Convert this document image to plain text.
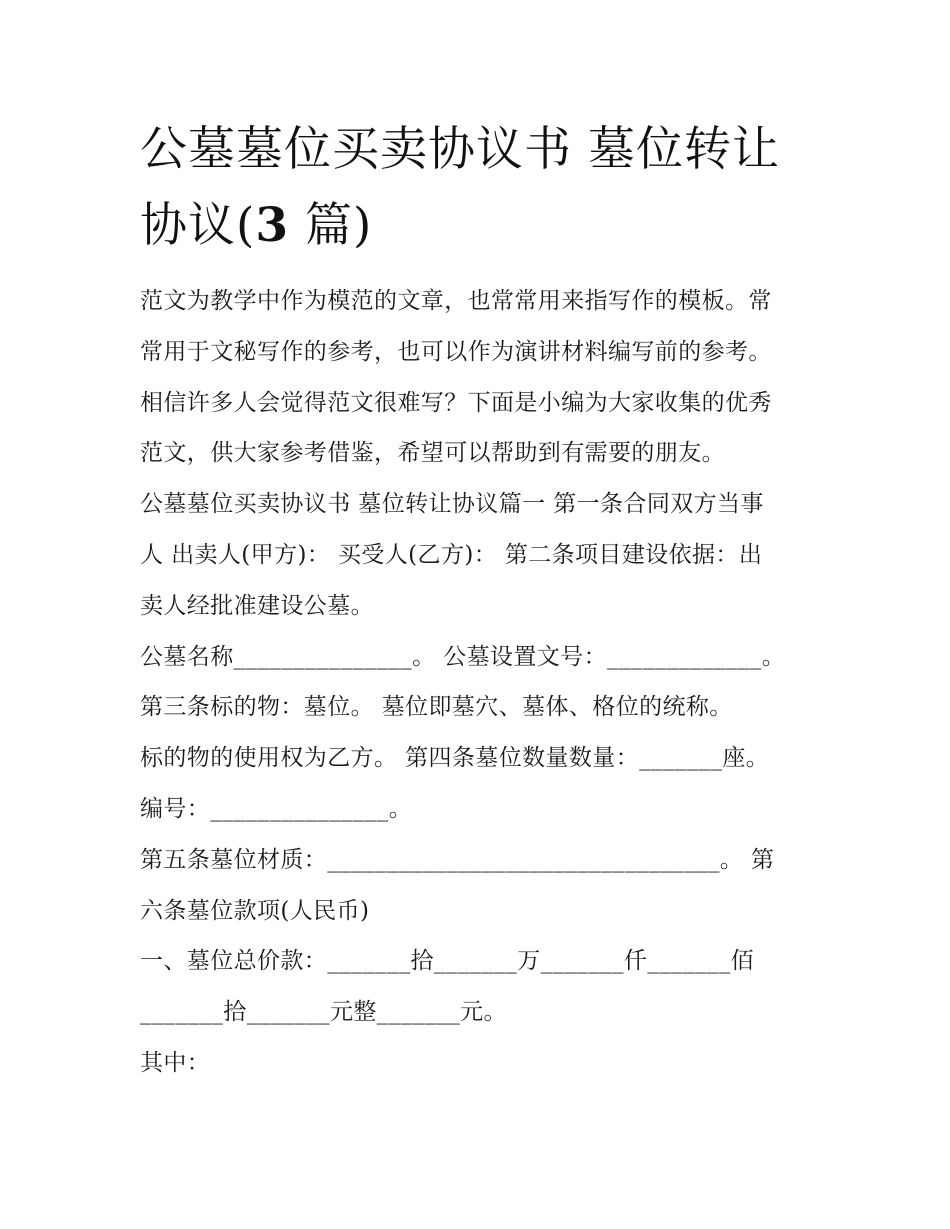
公墓墓位买卖协议书 墓位转让
协议(3 篇)
范文为教学中作为模范的文章，也常常用来指写作的模板。常
常用于文秘写作的参考，也可以作为演讲材料编写前的参考。
相信许多人会觉得范文很难写？下面是小编为大家收集的优秀
范文，供大家参考借鉴，希望可以帮助到有需要的朋友。
公墓墓位买卖协议书 墓位转让协议篇一 第一条合同双方当事
人 出卖人(甲方)： 买受人(乙方)： 第二条项目建设依据：出
卖人经批准建设公墓。
公墓名称_______________。 公墓设置文号：_____________。
第三条标的物：墓位。 墓位即墓穴、墓体、格位的统称。
标的物的使用权为乙方。 第四条墓位数量数量：_______座。
编号：_______________。
第五条墓位材质：_________________________________。 第
六条墓位款项(人民币)
一、墓位总价款：_______拾_______万_______仟_______佰
_______拾_______元整_______元。
其中：
